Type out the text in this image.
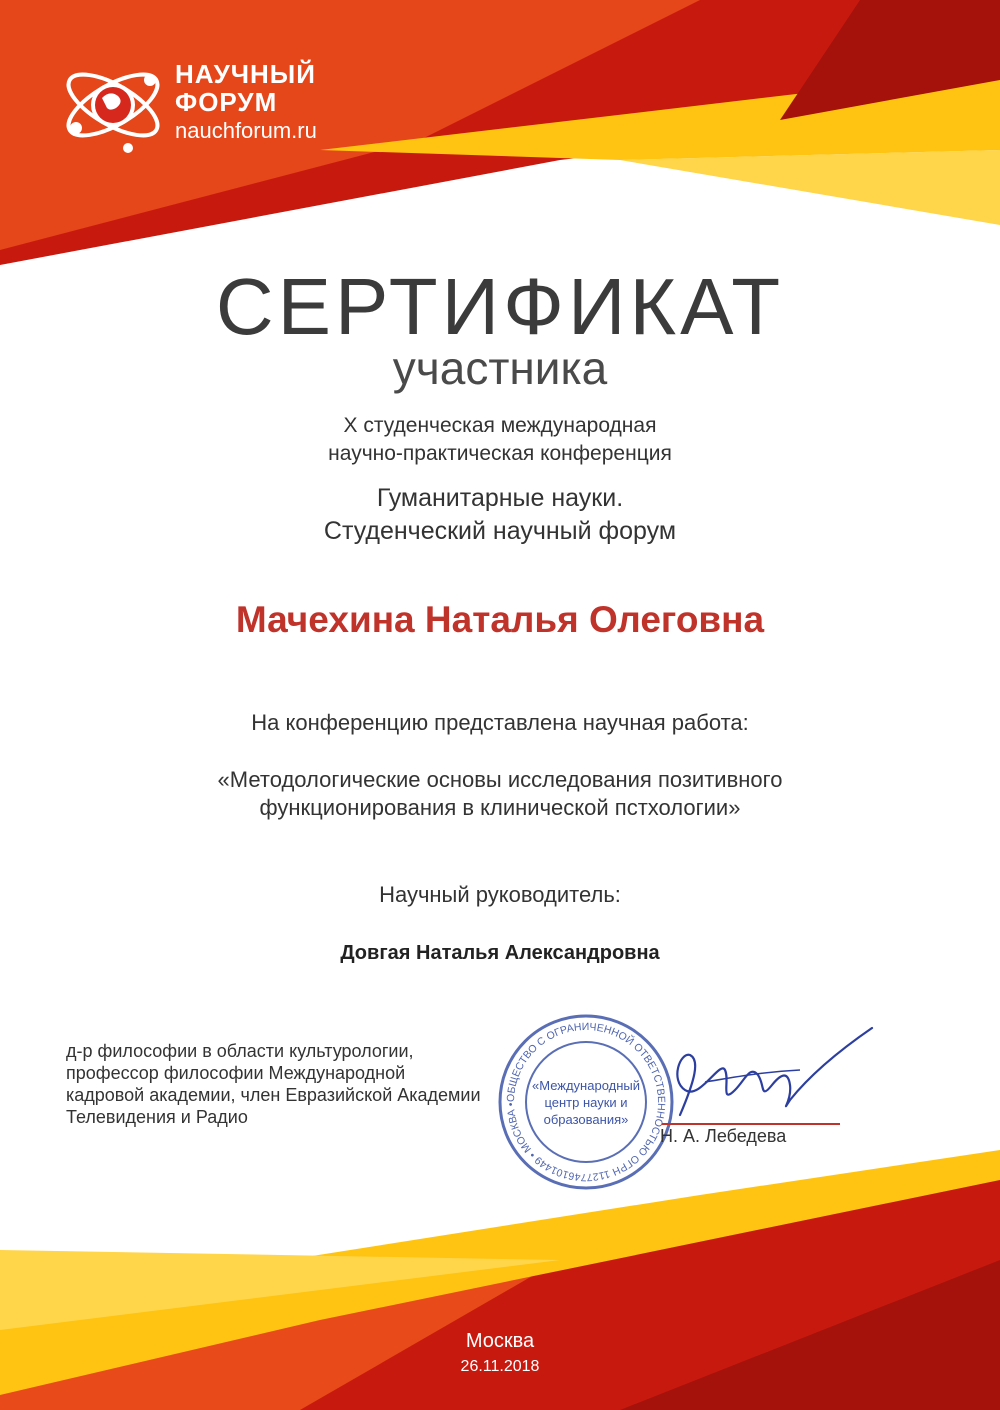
НАУЧНЫЙ
ФОРУМ
nauchforum.ru
СЕРТИФИКАТ
участника
X студенческая международная
научно-практическая конференция
Гуманитарные науки.
Студенческий научный форум
Мачехина Наталья Олеговна
На конференцию представлена научная работа:
«Методологические основы исследования позитивного
функционирования в клинической пстхологии»
Научный руководитель:
Довгая Наталья Александровна
д-р философии в области культурологии,
профессор философии Международной
кадровой академии, член Евразийской Академии
Телевидения и Радио
ОБЩЕСТВО С ОГРАНИЧЕННОЙ ОТВЕТСТВЕННОСТЬЮ ОГРН 1127746101449 • МОСКВА •
«Международный
центр науки и
образования»
Н. А. Лебедева
Москва
26.11.2018
